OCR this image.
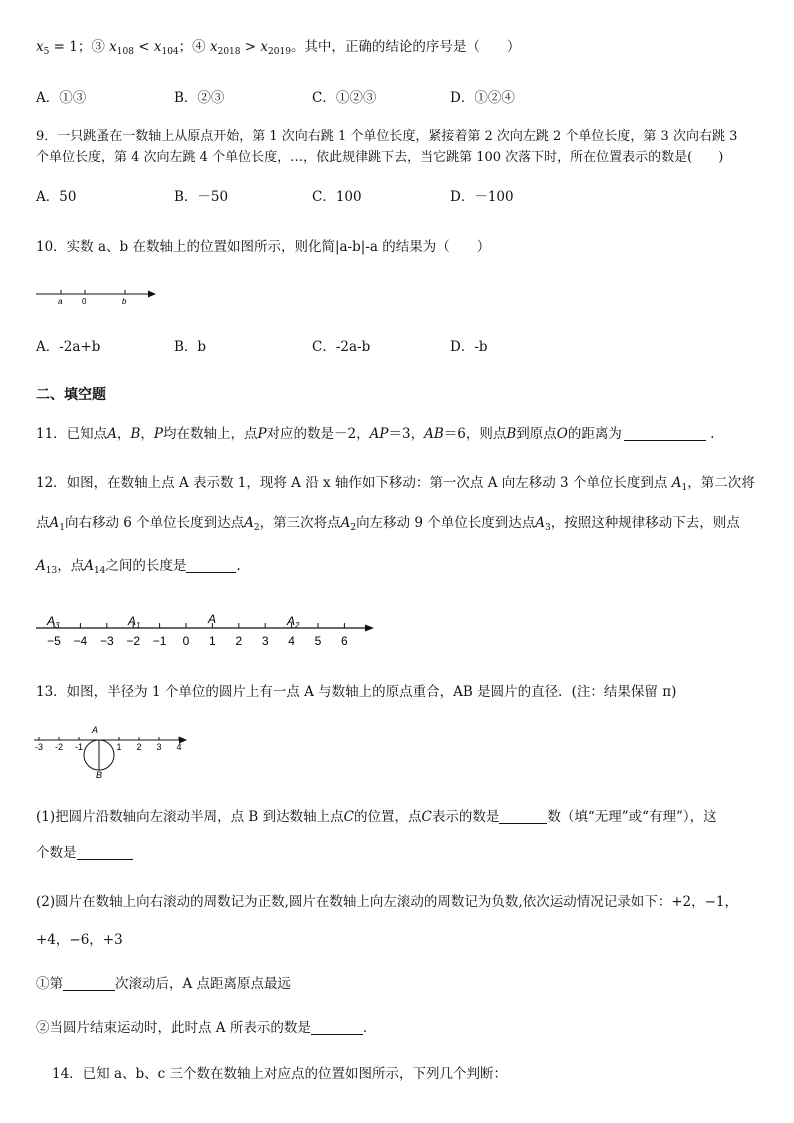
$x_5 = 1$；③ $x_{108} < x_{104}$；④ $x_{2018} > x_{2019}$。其中，正确的结论的序号是（　　）
A．①③	B．②③	C．①②③	D．①②④
9．一只跳蚤在一数轴上从原点开始，第 1 次向右跳 1 个单位长度，紧接着第 2 次向左跳 2 个单位长度，第 3 次向右跳 3
个单位长度，第 4 次向左跳 4 个单位长度，…，依此规律跳下去，当它跳第 100 次落下时，所在位置表示的数是(　　)
A．50	B．－50	C．100	D．－100
10．实数 a、b 在数轴上的位置如图所示，则化简|a-b|-a 的结果为（　　）
a 0	b
A．-2a+b	B．b	C．-2a-b	D．-b
二、填空题
11．已知点A，B，P均在数轴上，点P对应的数是－2，AP＝3，AB＝6，则点B到原点O的距离为	.
12．如图，在数轴上点 A 表示数 1，现将 A 沿 x 轴作如下移动：第一次点 A 向左移动 3 个单位长度到点 $A_1$，第二次将
点$A_1$向右移动 6 个单位长度到达点$A_2$，第三次将点$A_2$向左移动 9 个单位长度到达点$A_3$，按照这种规律移动下去，则点
$A_{13}$，点$A_{14}$之间的长度是	.
−5 −4 −3 −2 −1 0 1 2 3 4 5 6
$A_3$	$A_1$	A	$A_2$
13．如图，半径为 1 个单位的圆片上有一点 A 与数轴上的原点重合，AB 是圆片的直径．(注：结果保留 π)
-3 -2 -1	1 2 3 4
A
B
(1)把圆片沿数轴向左滚动半周，点 B 到达数轴上点C的位置，点C表示的数是	数（填“无理”或“有理”），这
个数是
(2)圆片在数轴上向右滚动的周数记为正数,圆片在数轴上向左滚动的周数记为负数,依次运动情况记录如下：+2，−1，
+4，−6，+3
①第	次滚动后，A 点距离原点最远
②当圆片结束运动时，此时点 A 所表示的数是	．
14．已知 a、b、c 三个数在数轴上对应点的位置如图所示，下列几个判断：
